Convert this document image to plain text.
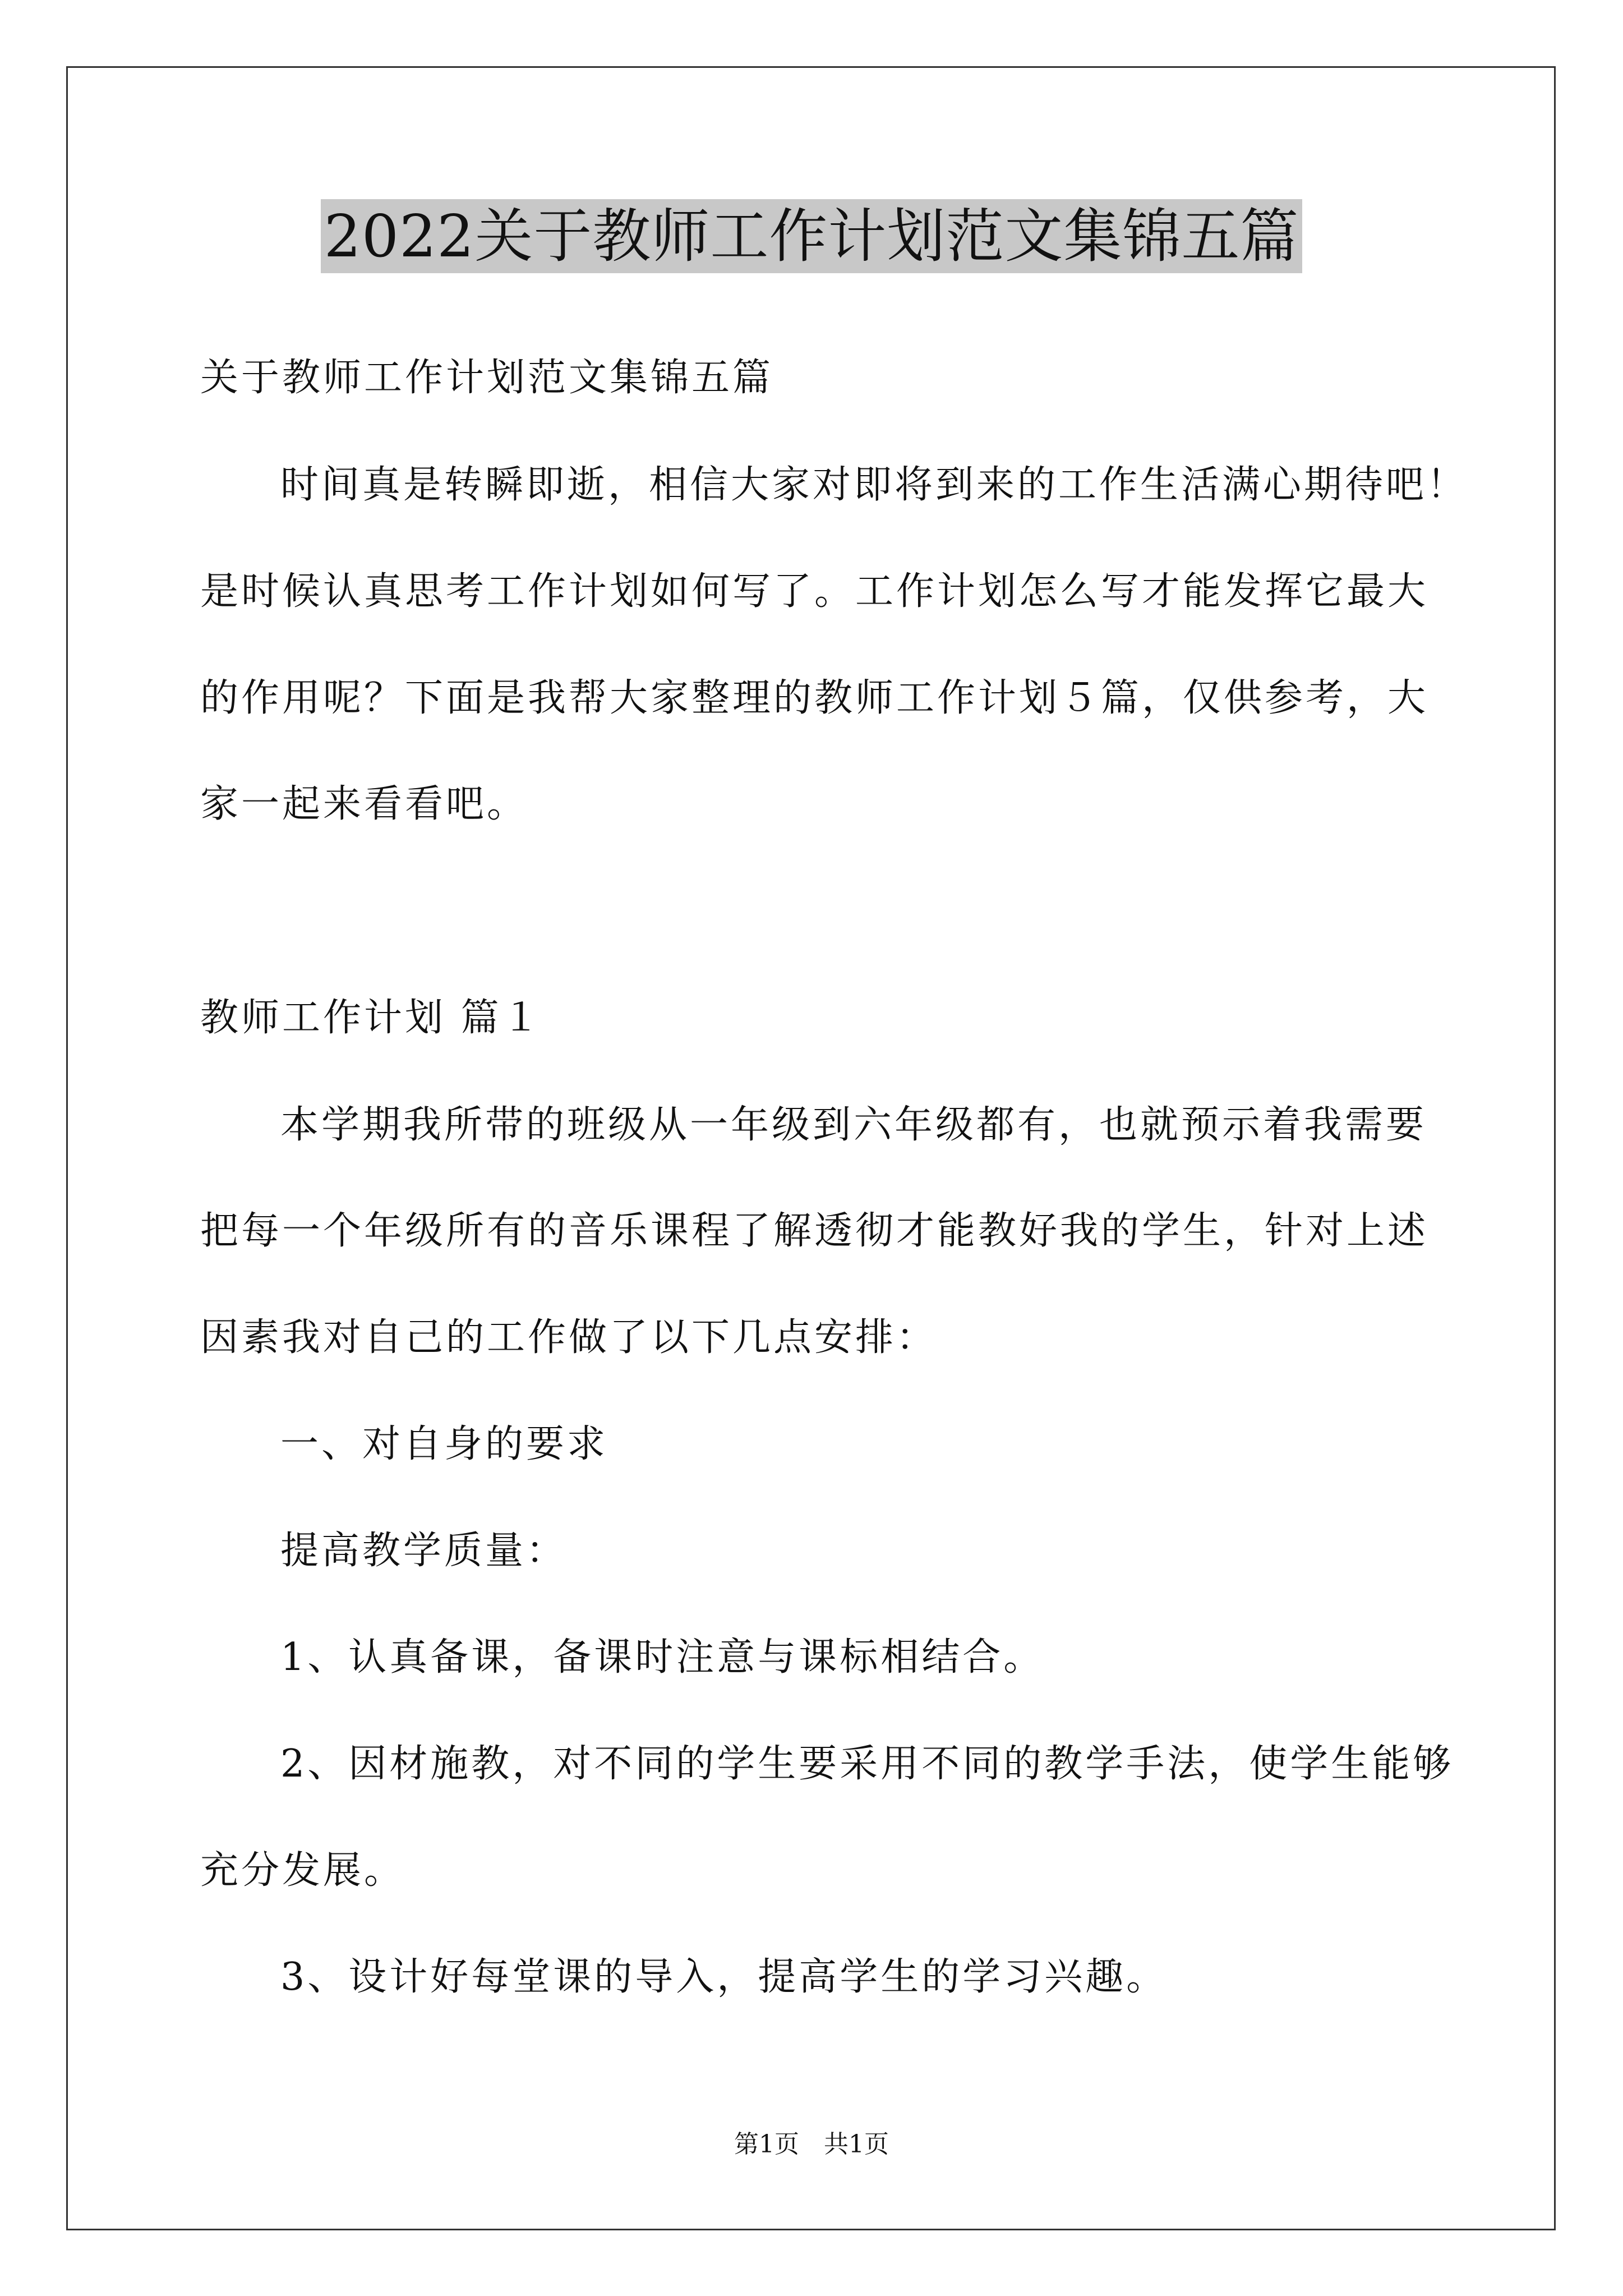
2022关于教师工作计划范文集锦五篇
关于教师工作计划范文集锦五篇
时间真是转瞬即逝，相信大家对即将到来的工作生活满心期待吧！
是时候认真思考工作计划如何写了。工作计划怎么写才能发挥它最大
的作用呢？下面是我帮大家整理的教师工作计划５篇，仅供参考，大
家一起来看看吧。
教师工作计划 篇１
本学期我所带的班级从一年级到六年级都有，也就预示着我需要
把每一个年级所有的音乐课程了解透彻才能教好我的学生，针对上述
因素我对自己的工作做了以下几点安排：
一、对自身的要求
提高教学质量：
1、认真备课，备课时注意与课标相结合。
2、因材施教，对不同的学生要采用不同的教学手法，使学生能够
充分发展。
3、设计好每堂课的导入，提高学生的学习兴趣。
第1页　共1页
